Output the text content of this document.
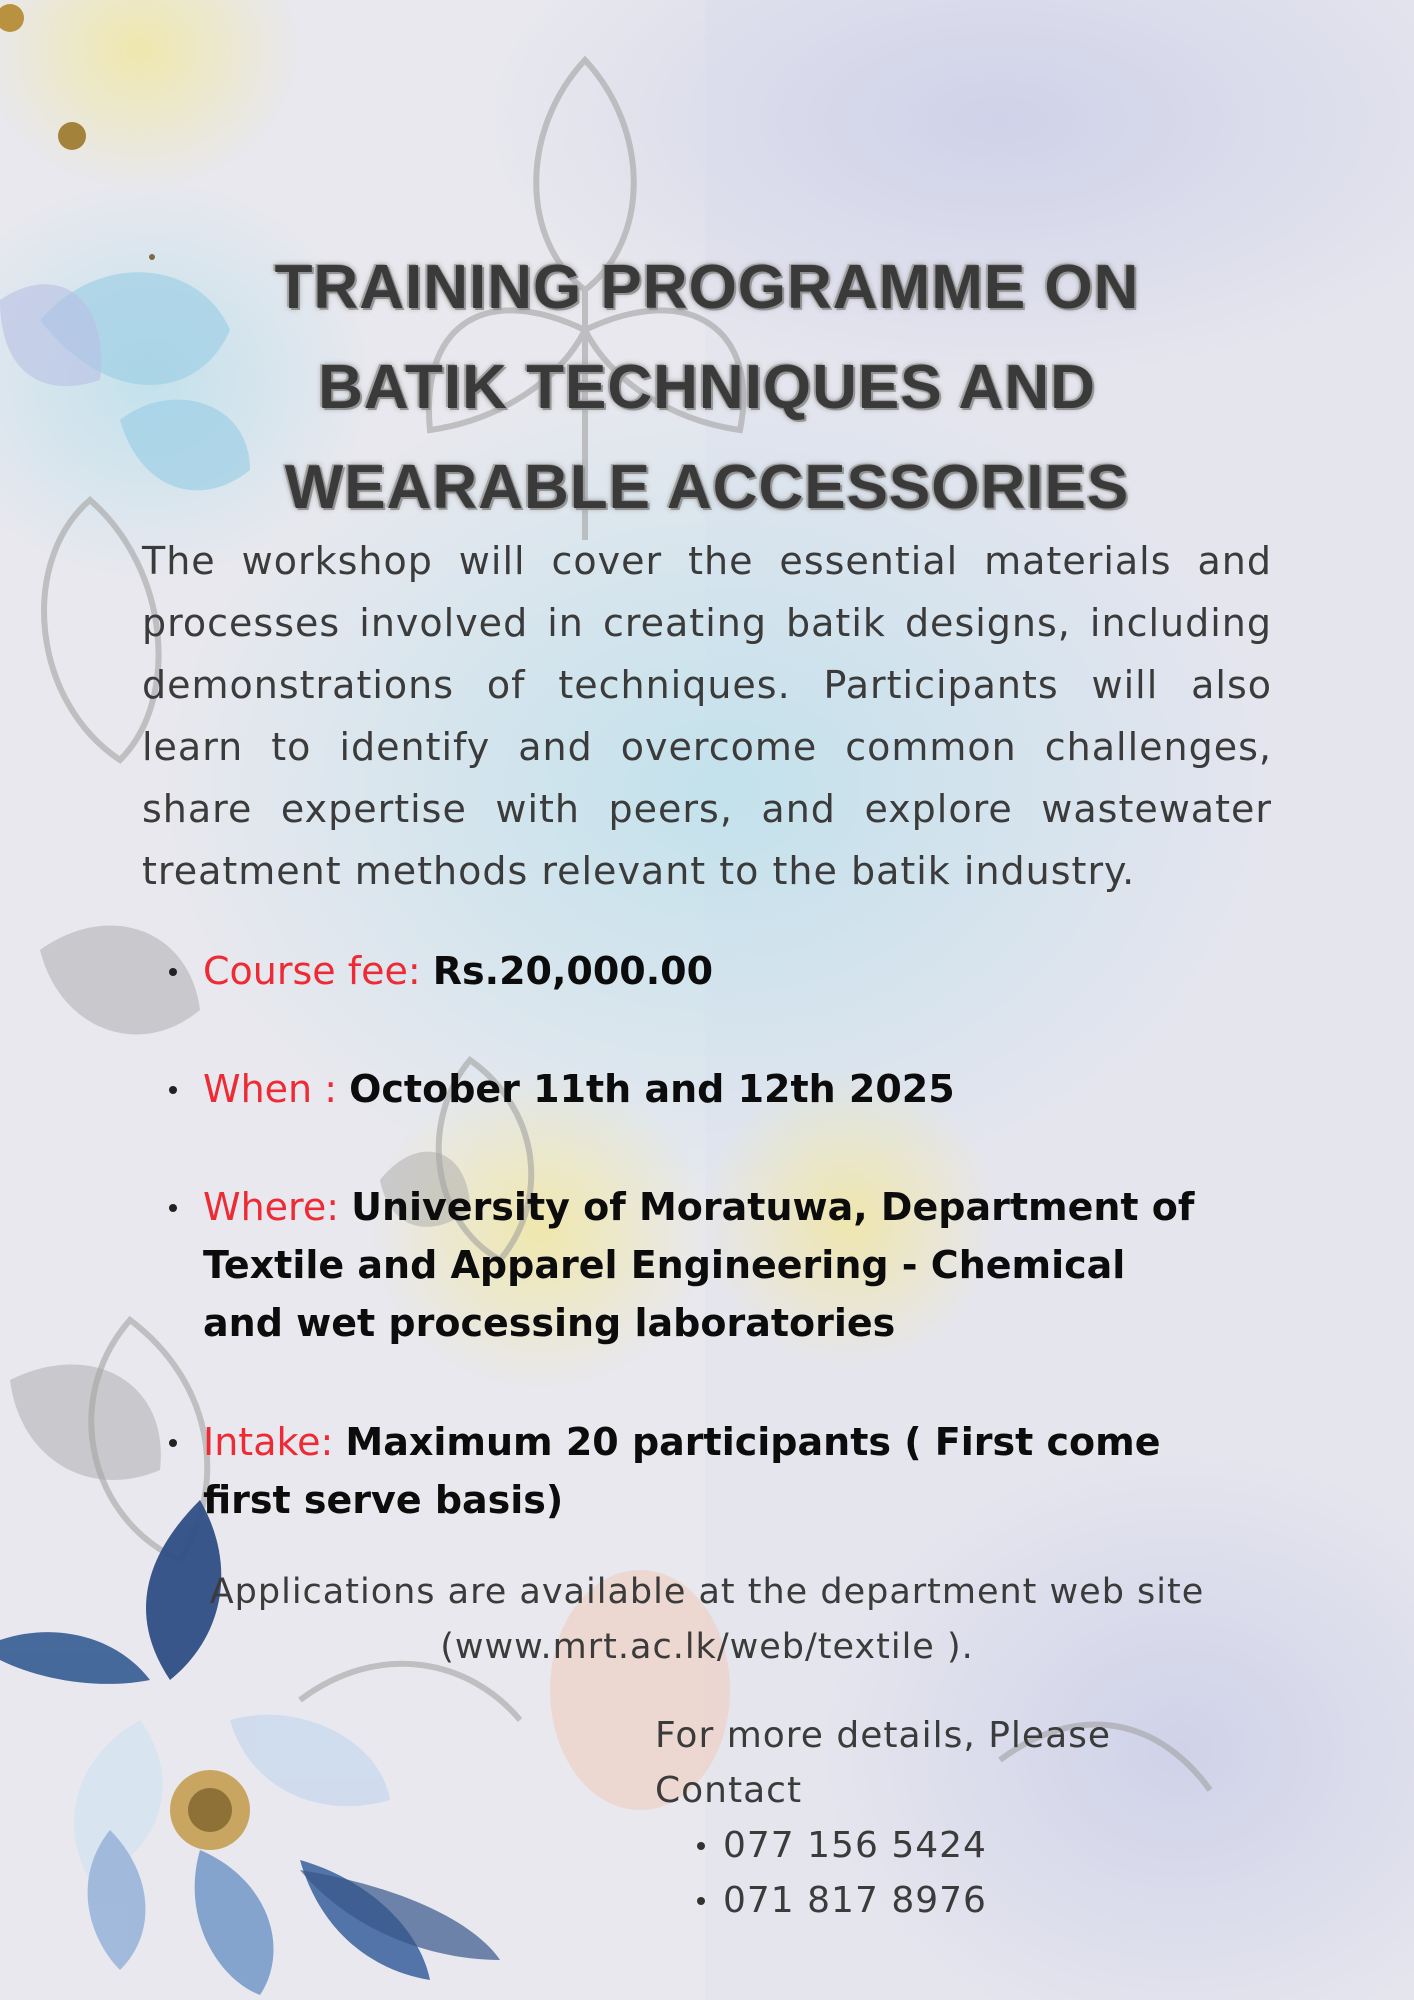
TRAINING PROGRAMME ON BATIK TECHNIQUES AND WEARABLE ACCESSORIES

The workshop will cover the essential materials and processes involved in creating batik designs, including demonstrations of techniques. Participants will also learn to identify and overcome common challenges, share expertise with peers, and explore wastewater treatment methods relevant to the batik industry.

Course fee: Rs.20,000.00
When : October 11th and 12th 2025
Where: University of Moratuwa, Department of Textile and Apparel Engineering - Chemical and wet processing laboratories
Intake: Maximum 20 participants ( First come first serve basis)
Applications are available at the department web site
(www.mrt.ac.lk/web/textile ).
For more details, Please Contact
077 156 5424
071 817 8976
